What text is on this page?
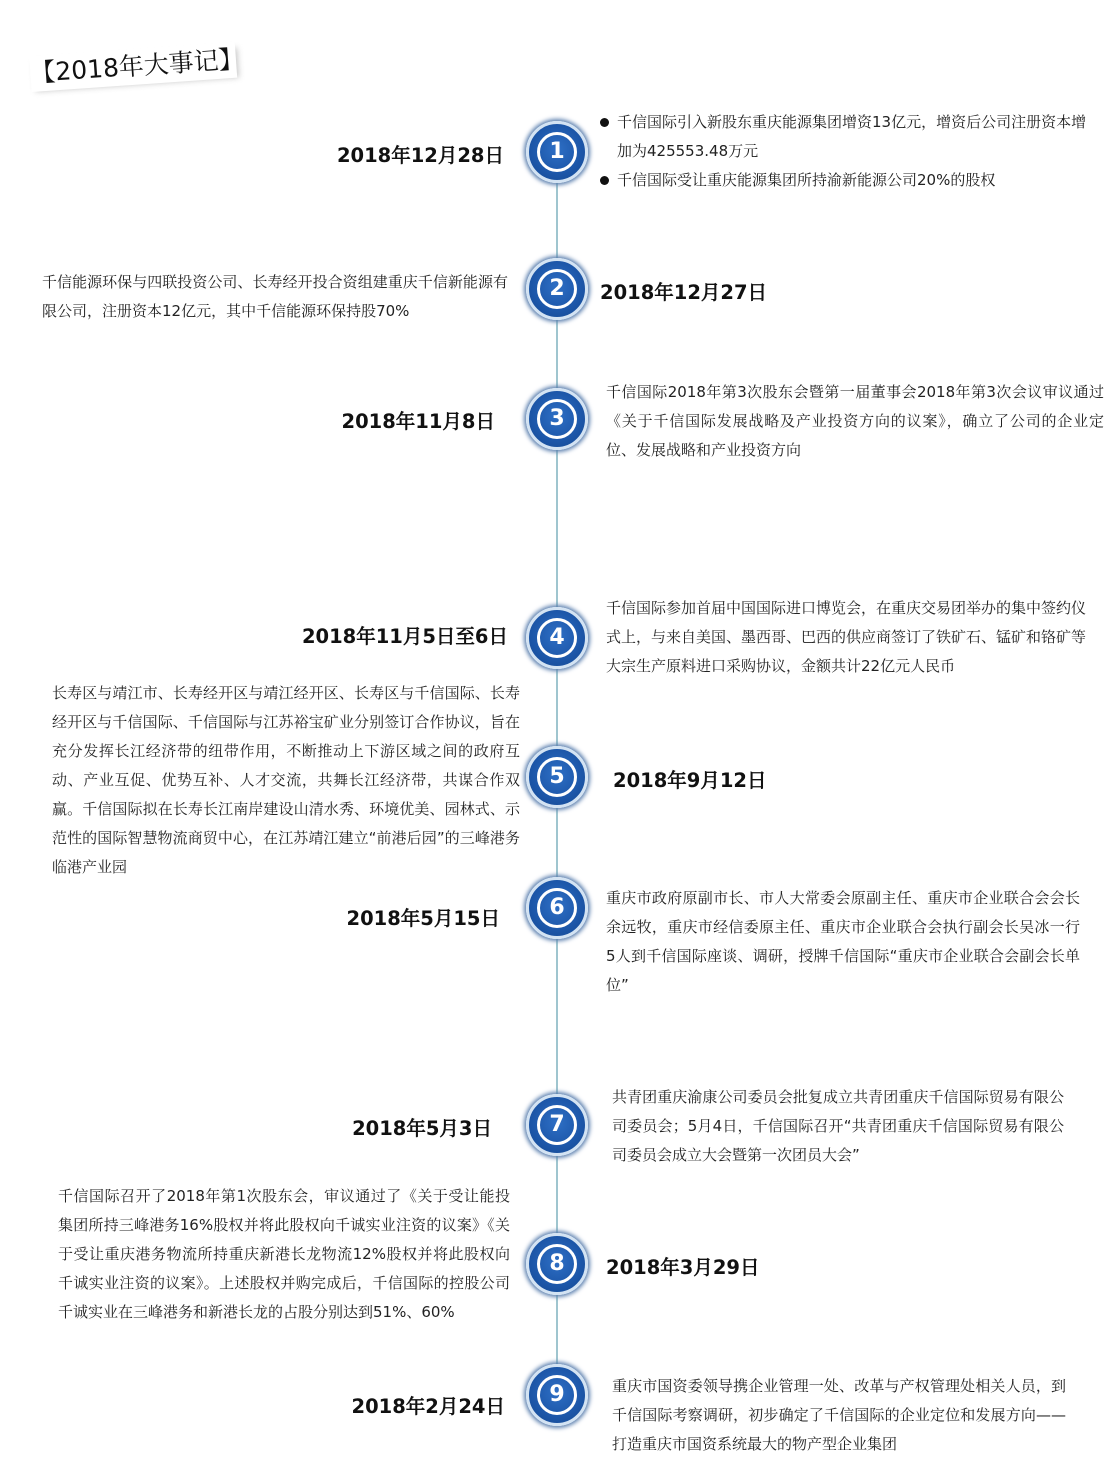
【2018年大事记】
1
2
3
4
5
6
7
8
9
2018年12月28日
千信国际引入新股东重庆能源集团增资13亿元，增资后公司注册资本增加为425553.48万元
千信国际受让重庆能源集团所持渝新能源公司20%的股权
千信能源环保与四联投资公司、长寿经开投合资组建重庆千信新能源有限公司，注册资本12亿元，其中千信能源环保持股70%
2018年12月27日
2018年11月8日
千信国际2018年第3次股东会暨第一届董事会2018年第3次会议审议通过《关于千信国际发展战略及产业投资方向的议案》，确立了公司的企业定位、发展战略和产业投资方向
2018年11月5日至6日
千信国际参加首届中国国际进口博览会，在重庆交易团举办的集中签约仪式上，与来自美国、墨西哥、巴西的供应商签订了铁矿石、锰矿和铬矿等大宗生产原料进口采购协议，金额共计22亿元人民币
长寿区与靖江市、长寿经开区与靖江经开区、长寿区与千信国际、长寿经开区与千信国际、千信国际与江苏裕宝矿业分别签订合作协议，旨在充分发挥长江经济带的纽带作用，不断推动上下游区域之间的政府互动、产业互促、优势互补、人才交流，共舞长江经济带，共谋合作双赢。千信国际拟在长寿长江南岸建设山清水秀、环境优美、园林式、示范性的国际智慧物流商贸中心，在江苏靖江建立“前港后园”的三峰港务临港产业园
2018年9月12日
2018年5月15日
重庆市政府原副市长、市人大常委会原副主任、重庆市企业联合会会长余远牧，重庆市经信委原主任、重庆市企业联合会执行副会长吴冰一行5人到千信国际座谈、调研，授牌千信国际“重庆市企业联合会副会长单位”
2018年5月3日
共青团重庆渝康公司委员会批复成立共青团重庆千信国际贸易有限公司委员会；5月4日，千信国际召开“共青团重庆千信国际贸易有限公司委员会成立大会暨第一次团员大会”
千信国际召开了2018年第1次股东会，审议通过了《关于受让能投集团所持三峰港务16%股权并将此股权向千诚实业注资的议案》《关于受让重庆港务物流所持重庆新港长龙物流12%股权并将此股权向千诚实业注资的议案》。上述股权并购完成后，千信国际的控股公司千诚实业在三峰港务和新港长龙的占股分别达到51%、60%
2018年3月29日
2018年2月24日
重庆市国资委领导携企业管理一处、改革与产权管理处相关人员，到千信国际考察调研，初步确定了千信国际的企业定位和发展方向——打造重庆市国资系统最大的物产型企业集团
